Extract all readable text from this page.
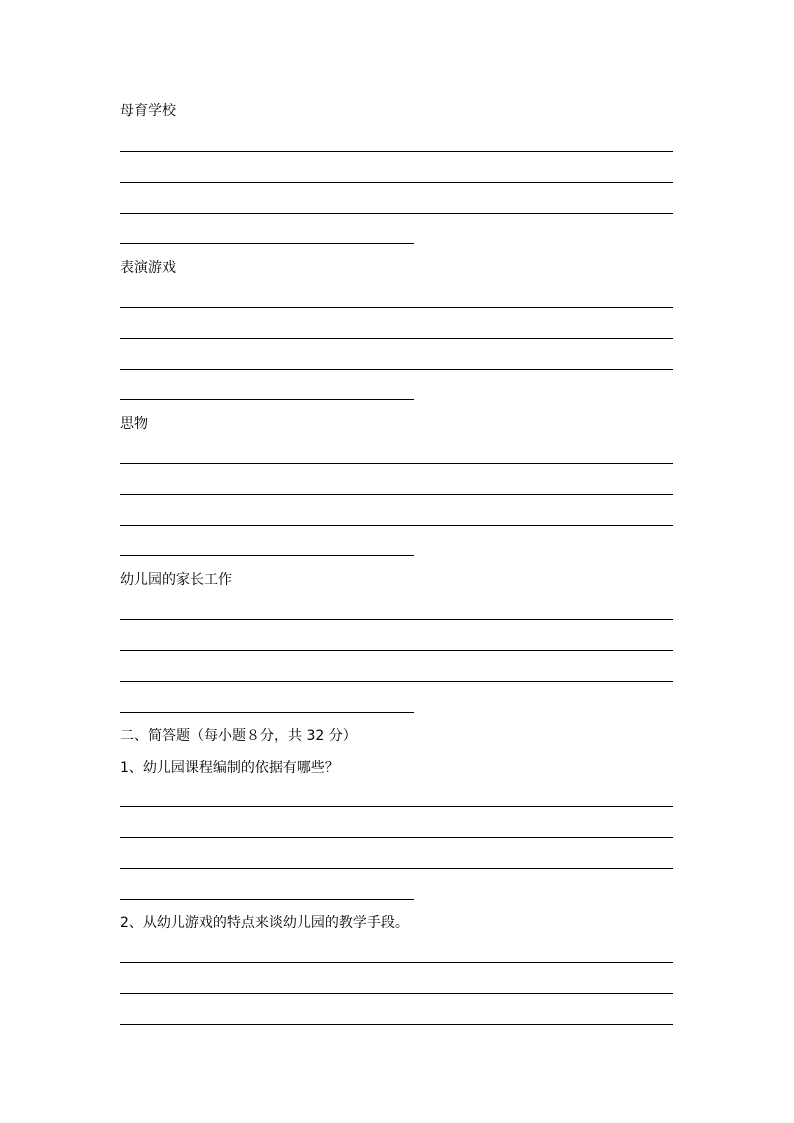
母育学校
表演游戏
思物
幼儿园的家长工作
二、简答题（每小题８分，共 32 分）
1、幼儿园课程编制的依据有哪些？
2、从幼儿游戏的特点来谈幼儿园的教学手段。
